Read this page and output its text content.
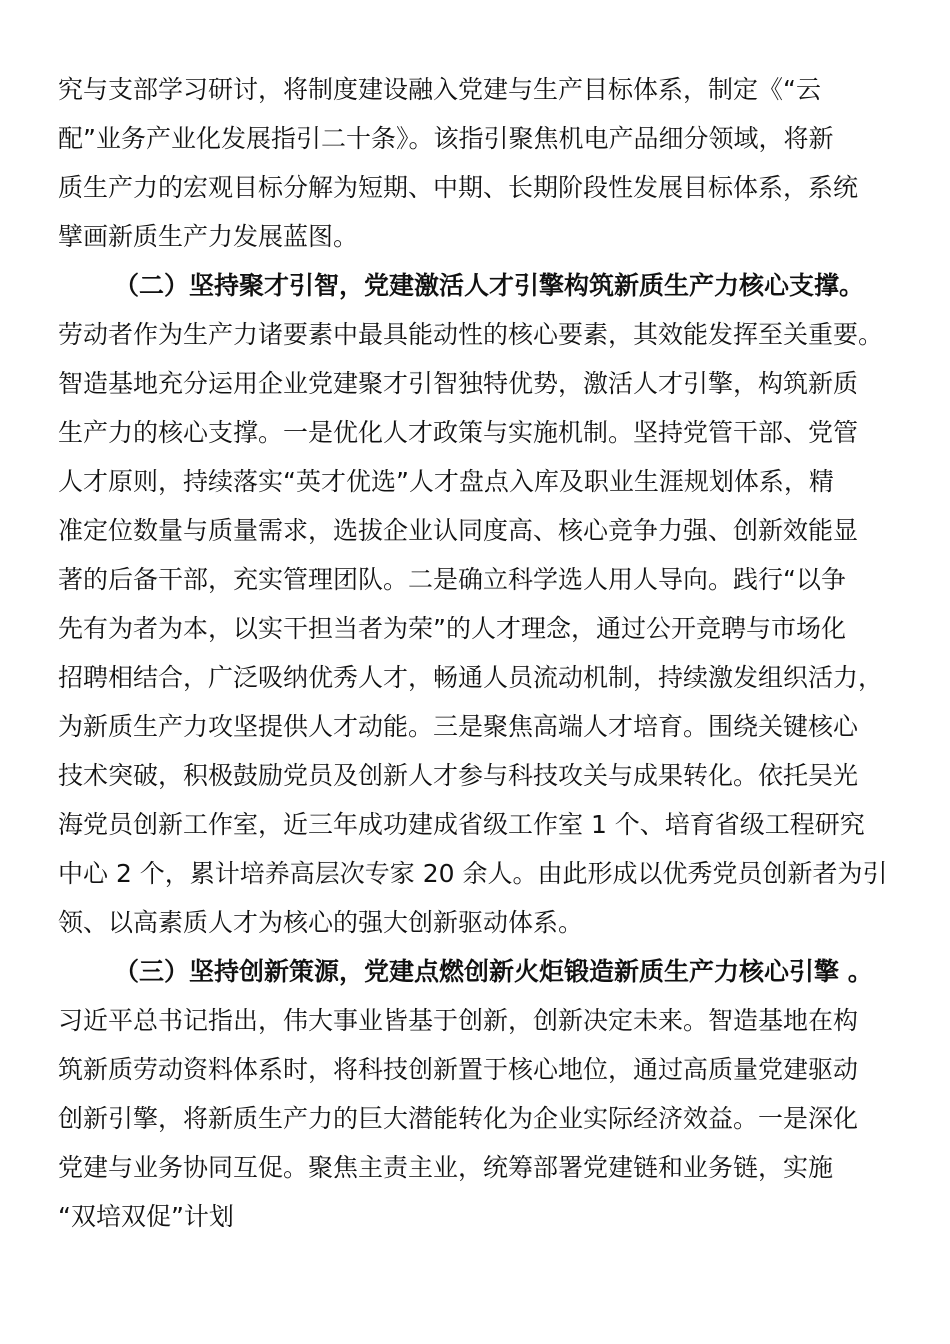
究与支部学习研讨，将制度建设融入党建与生产目标体系，制定《“云
配”业务产业化发展指引二十条》。该指引聚焦机电产品细分领域，将新
质生产力的宏观目标分解为短期、中期、长期阶段性发展目标体系，系统
擘画新质生产力发展蓝图。
（二）坚持聚才引智，党建激活人才引擎构筑新质生产力核心支撑。
劳动者作为生产力诸要素中最具能动性的核心要素，其效能发挥至关重要。
智造基地充分运用企业党建聚才引智独特优势，激活人才引擎，构筑新质
生产力的核心支撑。一是优化人才政策与实施机制。坚持党管干部、党管
人才原则，持续落实“英才优选”人才盘点入库及职业生涯规划体系，精
准定位数量与质量需求，选拔企业认同度高、核心竞争力强、创新效能显
著的后备干部，充实管理团队。二是确立科学选人用人导向。践行“以争
先有为者为本，以实干担当者为荣”的人才理念，通过公开竞聘与市场化
招聘相结合，广泛吸纳优秀人才，畅通人员流动机制，持续激发组织活力，
为新质生产力攻坚提供人才动能。三是聚焦高端人才培育。围绕关键核心
技术突破，积极鼓励党员及创新人才参与科技攻关与成果转化。依托吴光
海党员创新工作室，近三年成功建成省级工作室 1 个、培育省级工程研究
中心 2 个，累计培养高层次专家 20 余人。由此形成以优秀党员创新者为引
领、以高素质人才为核心的强大创新驱动体系。
（三）坚持创新策源，党建点燃创新火炬锻造新质生产力核心引擎 。
习近平总书记指出，伟大事业皆基于创新，创新决定未来。智造基地在构
筑新质劳动资料体系时，将科技创新置于核心地位，通过高质量党建驱动
创新引擎，将新质生产力的巨大潜能转化为企业实际经济效益。一是深化
党建与业务协同互促。聚焦主责主业，统筹部署党建链和业务链，实施
“双培双促”计划
